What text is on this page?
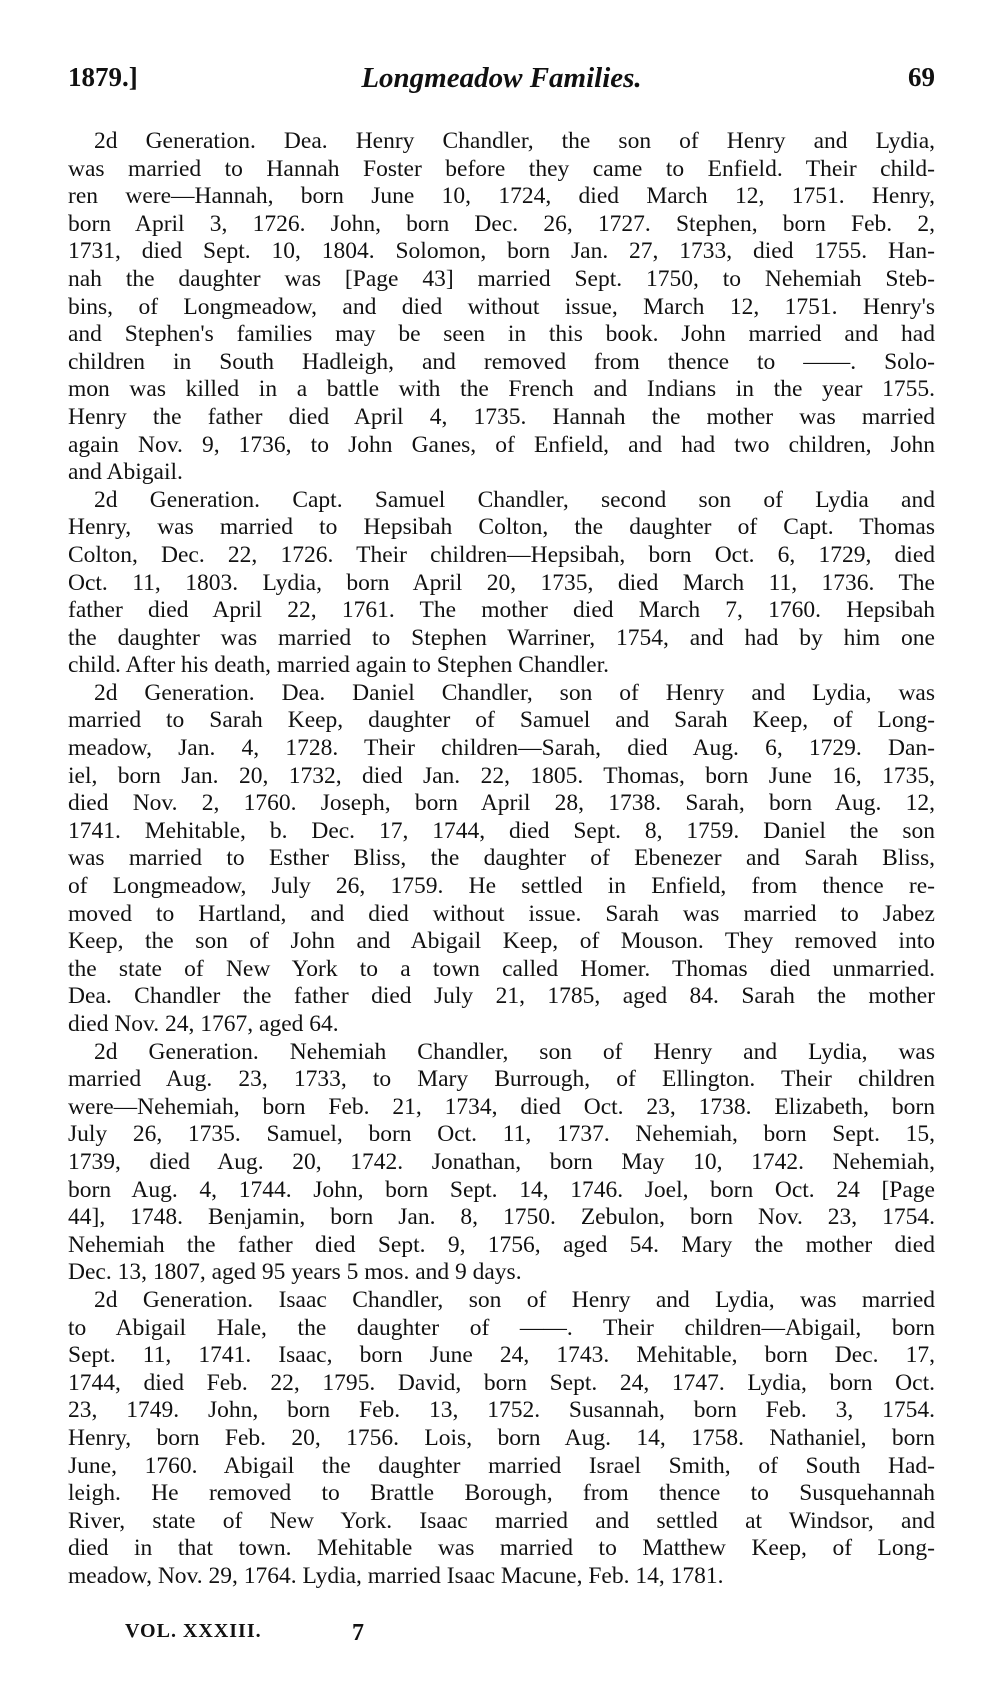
1879.]	Longmeadow Families.	69
2d Generation. Dea. Henry Chandler, the son of Henry and Lydia,
was married to Hannah Foster before they came to Enfield. Their child-
ren were—Hannah, born June 10, 1724, died March 12, 1751. Henry,
born April 3, 1726. John, born Dec. 26, 1727. Stephen, born Feb. 2,
1731, died Sept. 10, 1804. Solomon, born Jan. 27, 1733, died 1755. Han-
nah the daughter was [Page 43] married Sept. 1750, to Nehemiah Steb-
bins, of Longmeadow, and died without issue, March 12, 1751. Henry's
and Stephen's families may be seen in this book. John married and had
children in South Hadleigh, and removed from thence to ——. Solo-
mon was killed in a battle with the French and Indians in the year 1755.
Henry the father died April 4, 1735. Hannah the mother was married
again Nov. 9, 1736, to John Ganes, of Enfield, and had two children, John
and Abigail.
2d Generation. Capt. Samuel Chandler, second son of Lydia and
Henry, was married to Hepsibah Colton, the daughter of Capt. Thomas
Colton, Dec. 22, 1726. Their children—Hepsibah, born Oct. 6, 1729, died
Oct. 11, 1803. Lydia, born April 20, 1735, died March 11, 1736. The
father died April 22, 1761. The mother died March 7, 1760. Hepsibah
the daughter was married to Stephen Warriner, 1754, and had by him one
child. After his death, married again to Stephen Chandler.
2d Generation. Dea. Daniel Chandler, son of Henry and Lydia, was
married to Sarah Keep, daughter of Samuel and Sarah Keep, of Long-
meadow, Jan. 4, 1728. Their children—Sarah, died Aug. 6, 1729. Dan-
iel, born Jan. 20, 1732, died Jan. 22, 1805. Thomas, born June 16, 1735,
died Nov. 2, 1760. Joseph, born April 28, 1738. Sarah, born Aug. 12,
1741. Mehitable, b. Dec. 17, 1744, died Sept. 8, 1759. Daniel the son
was married to Esther Bliss, the daughter of Ebenezer and Sarah Bliss,
of Longmeadow, July 26, 1759. He settled in Enfield, from thence re-
moved to Hartland, and died without issue. Sarah was married to Jabez
Keep, the son of John and Abigail Keep, of Mouson. They removed into
the state of New York to a town called Homer. Thomas died unmarried.
Dea. Chandler the father died July 21, 1785, aged 84. Sarah the mother
died Nov. 24, 1767, aged 64.
2d Generation. Nehemiah Chandler, son of Henry and Lydia, was
married Aug. 23, 1733, to Mary Burrough, of Ellington. Their children
were—Nehemiah, born Feb. 21, 1734, died Oct. 23, 1738. Elizabeth, born
July 26, 1735. Samuel, born Oct. 11, 1737. Nehemiah, born Sept. 15,
1739, died Aug. 20, 1742. Jonathan, born May 10, 1742. Nehemiah,
born Aug. 4, 1744. John, born Sept. 14, 1746. Joel, born Oct. 24 [Page
44], 1748. Benjamin, born Jan. 8, 1750. Zebulon, born Nov. 23, 1754.
Nehemiah the father died Sept. 9, 1756, aged 54. Mary the mother died
Dec. 13, 1807, aged 95 years 5 mos. and 9 days.
2d Generation. Isaac Chandler, son of Henry and Lydia, was married
to Abigail Hale, the daughter of ——. Their children—Abigail, born
Sept. 11, 1741. Isaac, born June 24, 1743. Mehitable, born Dec. 17,
1744, died Feb. 22, 1795. David, born Sept. 24, 1747. Lydia, born Oct.
23, 1749. John, born Feb. 13, 1752. Susannah, born Feb. 3, 1754.
Henry, born Feb. 20, 1756. Lois, born Aug. 14, 1758. Nathaniel, born
June, 1760. Abigail the daughter married Israel Smith, of South Had-
leigh. He removed to Brattle Borough, from thence to Susquehannah
River, state of New York. Isaac married and settled at Windsor, and
died in that town. Mehitable was married to Matthew Keep, of Long-
meadow, Nov. 29, 1764. Lydia, married Isaac Macune, Feb. 14, 1781.
VOL. XXXIII.	7
